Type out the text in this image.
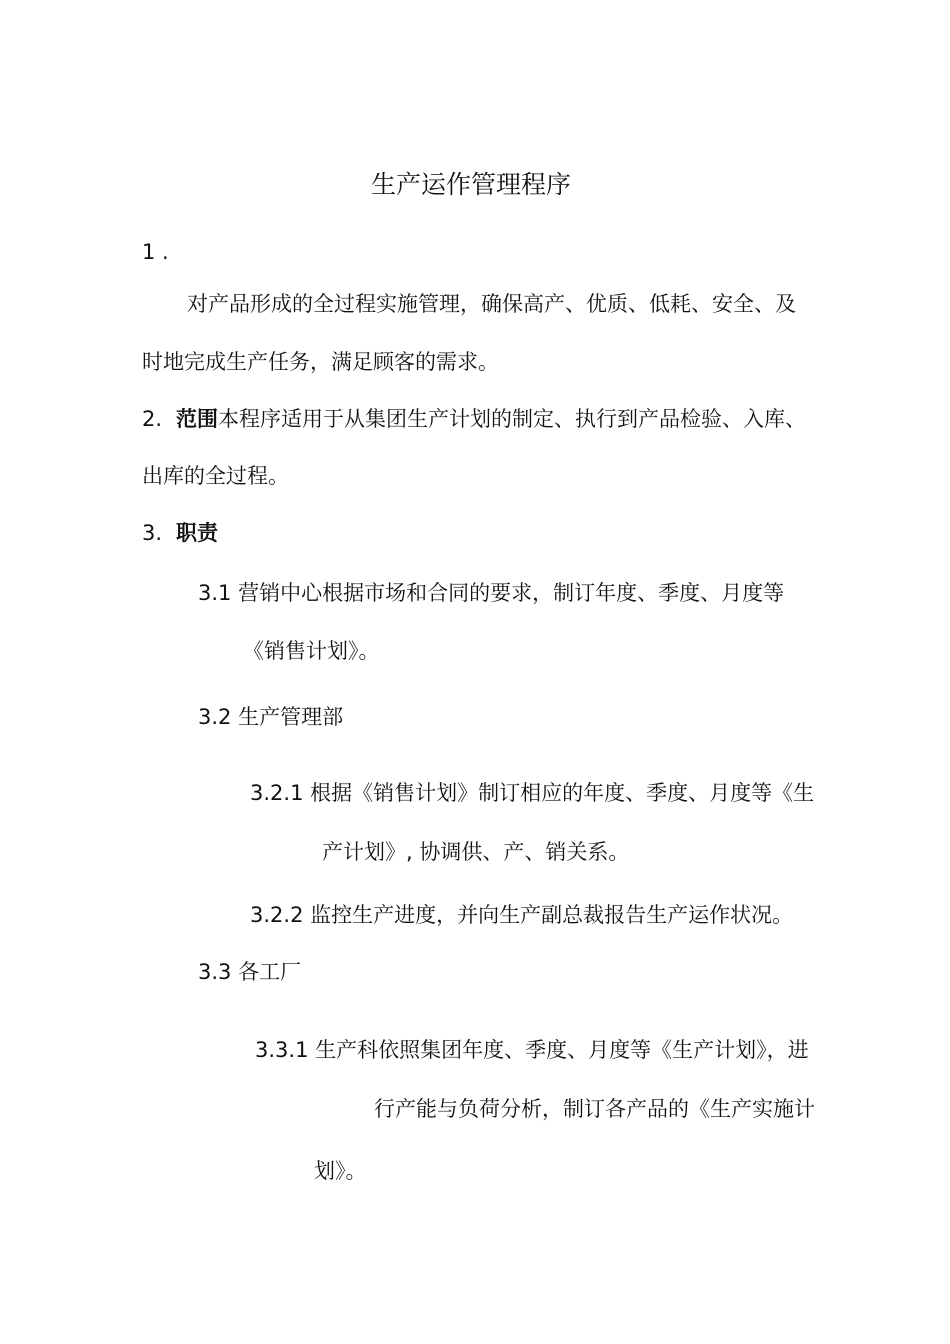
生产运作管理程序
1 .
对产品形成的全过程实施管理，确保高产、优质、低耗、安全、及
时地完成生产任务，满足顾客的需求。
2. 范围本程序适用于从集团生产计划的制定、执行到产品检验、入库、
出库的全过程。
3. 职责
3.1 营销中心根据市场和合同的要求，制订年度、季度、月度等
《销售计划》。
3.2 生产管理部
3.2.1 根据《销售计划》制订相应的年度、季度、月度等《生
产计划》, 协调供、产、销关系。
3.2.2 监控生产进度，并向生产副总裁报告生产运作状况。
3.3 各工厂
3.3.1 生产科依照集团年度、季度、月度等《生产计划》，进
行产能与负荷分析，制订各产品的《生产实施计
划》。
